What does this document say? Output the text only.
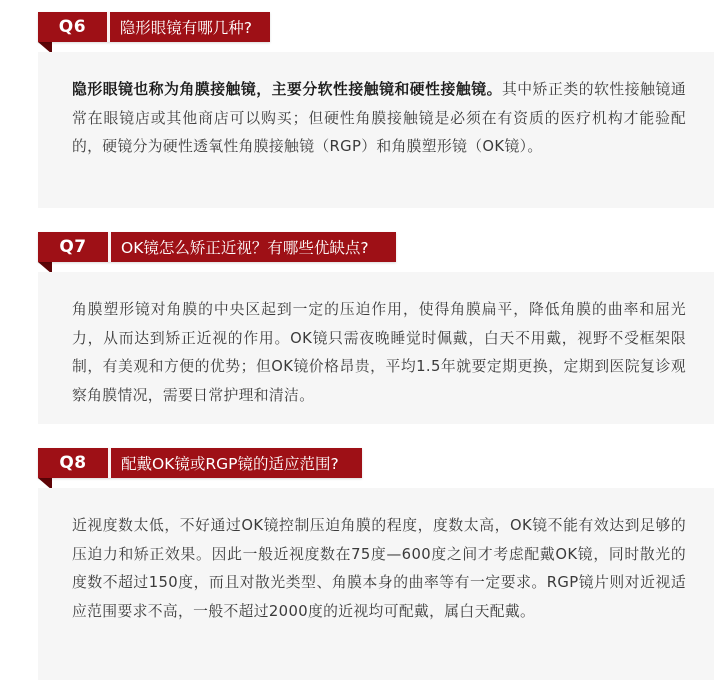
Q6	隐形眼镜有哪几种?
隐形眼镜也称为角膜接触镜，主要分软性接触镜和硬性接触镜。其中矫正类的软性接触镜通常在眼镜店或其他商店可以购买；但硬性角膜接触镜是必须在有资质的医疗机构才能验配的，硬镜分为硬性透氧性角膜接触镜（RGP）和角膜塑形镜（OK镜）。
Q7	OK镜怎么矫正近视？有哪些优缺点?
角膜塑形镜对角膜的中央区起到一定的压迫作用，使得角膜扁平，降低角膜的曲率和屈光力，从而达到矫正近视的作用。OK镜只需夜晚睡觉时佩戴，白天不用戴，视野不受框架限制，有美观和方便的优势；但OK镜价格昂贵，平均1.5年就要定期更换，定期到医院复诊观察角膜情况，需要日常护理和清洁。
Q8	配戴OK镜或RGP镜的适应范围?
近视度数太低，不好通过OK镜控制压迫角膜的程度，度数太高，OK镜不能有效达到足够的压迫力和矫正效果。因此一般近视度数在75度—600度之间才考虑配戴OK镜，同时散光的度数不超过150度，而且对散光类型、角膜本身的曲率等有一定要求。RGP镜片则对近视适应范围要求不高，一般不超过2000度的近视均可配戴，属白天配戴。
